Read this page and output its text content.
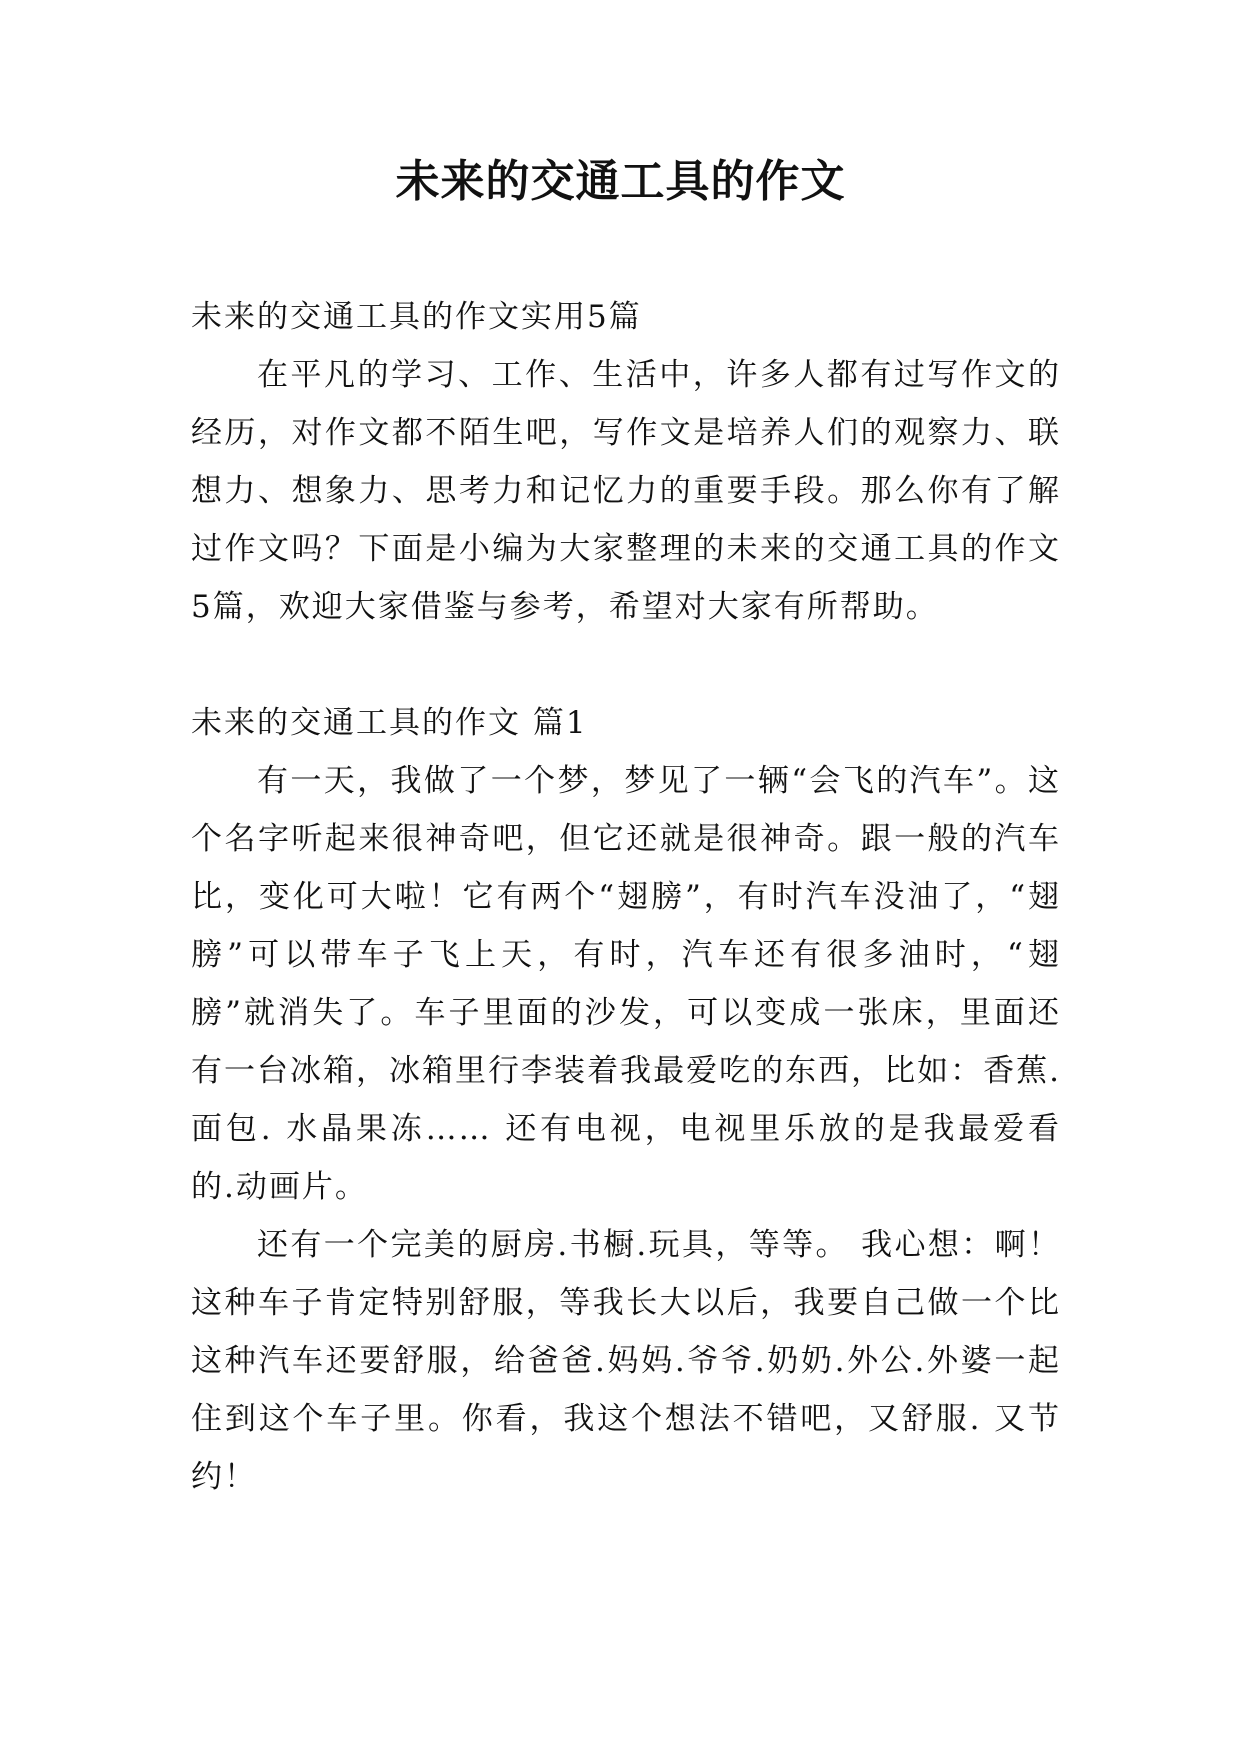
未来的交通工具的作文

未来的交通工具的作文实用5篇

在平凡的学习、工作、生活中，许多人都有过写作文的经历，对作文都不陌生吧，写作文是培养人们的观察力、联想力、想象力、思考力和记忆力的重要手段。那么你有了解过作文吗？下面是小编为大家整理的未来的交通工具的作文5篇，欢迎大家借鉴与参考，希望对大家有所帮助。

未来的交通工具的作文 篇1

有一天，我做了一个梦，梦见了一辆“会飞的汽车”。这个名字听起来很神奇吧，但它还就是很神奇。跟一般的汽车比，变化可大啦！它有两个“翅膀”，有时汽车没油了，“翅膀”可以带车子飞上天，有时，汽车还有很多油时，“翅膀”就消失了。车子里面的沙发，可以变成一张床，里面还有一台冰箱，冰箱里行李装着我最爱吃的东西，比如：香蕉.面包. 水晶果冻…… 还有电视，电视里乐放的是我最爱看的.动画片。

还有一个完美的厨房.书橱.玩具，等等。 我心想：啊！这种车子肯定特别舒服，等我长大以后，我要自己做一个比这种汽车还要舒服，给爸爸.妈妈.爷爷.奶奶.外公.外婆一起住到这个车子里。你看，我这个想法不错吧，又舒服. 又节约！
